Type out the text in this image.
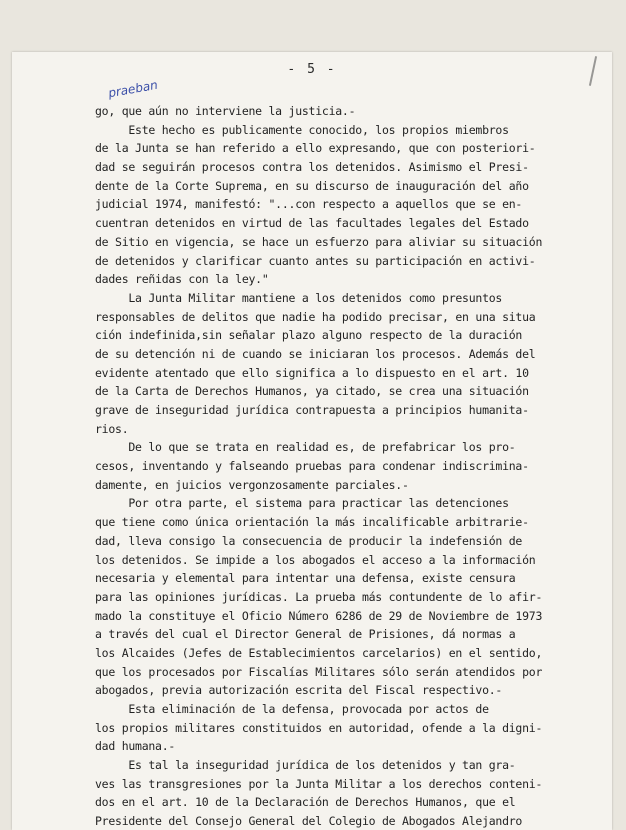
- 5 -
praeban
go, que aún no interviene la justicia.-
Este hecho es publicamente conocido, los propios miembros
de la Junta se han referido a ello expresando, que con posteriori-
dad se seguirán procesos contra los detenidos. Asimismo el Presi-
dente de la Corte Suprema, en su discurso de inauguración del año
judicial 1974, manifestó: "...con respecto a aquellos que se en-
cuentran detenidos en virtud de las facultades legales del Estado
de Sitio en vigencia, se hace un esfuerzo para aliviar su situación
de detenidos y clarificar cuanto antes su participación en activi-
dades reñidas con la ley."
La Junta Militar mantiene a los detenidos como presuntos
responsables de delitos que nadie ha podido precisar, en una situa
ción indefinida,sin señalar plazo alguno respecto de la duración
de su detención ni de cuando se iniciaran los procesos. Además del
evidente atentado que ello significa a lo dispuesto en el art. 10
de la Carta de Derechos Humanos, ya citado, se crea una situación
grave de inseguridad jurídica contrapuesta a principios humanita-
rios.
De lo que se trata en realidad es, de prefabricar los pro-
cesos, inventando y falseando pruebas para condenar indiscrimina-
damente, en juicios vergonzosamente parciales.-
Por otra parte, el sistema para practicar las detenciones
que tiene como única orientación la más incalificable arbitrarie-
dad, lleva consigo la consecuencia de producir la indefensión de
los detenidos. Se impide a los abogados el acceso a la información
necesaria y elemental para intentar una defensa, existe censura
para las opiniones jurídicas. La prueba más contundente de lo afir-
mado la constituye el Oficio Número 6286 de 29 de Noviembre de 1973
a través del cual el Director General de Prisiones, dá normas a
los Alcaides (Jefes de Establecimientos carcelarios) en el sentido,
que los procesados por Fiscalías Militares sólo serán atendidos por
abogados, previa autorización escrita del Fiscal respectivo.-
Esta eliminación de la defensa, provocada por actos de
los propios militares constituidos en autoridad, ofende a la digni-
dad humana.-
Es tal la inseguridad jurídica de los detenidos y tan gra-
ves las transgresiones por la Junta Militar a los derechos conteni-
dos en el art. 10 de la Declaración de Derechos Humanos, que el
Presidente del Consejo General del Colegio de Abogados Alejandro
